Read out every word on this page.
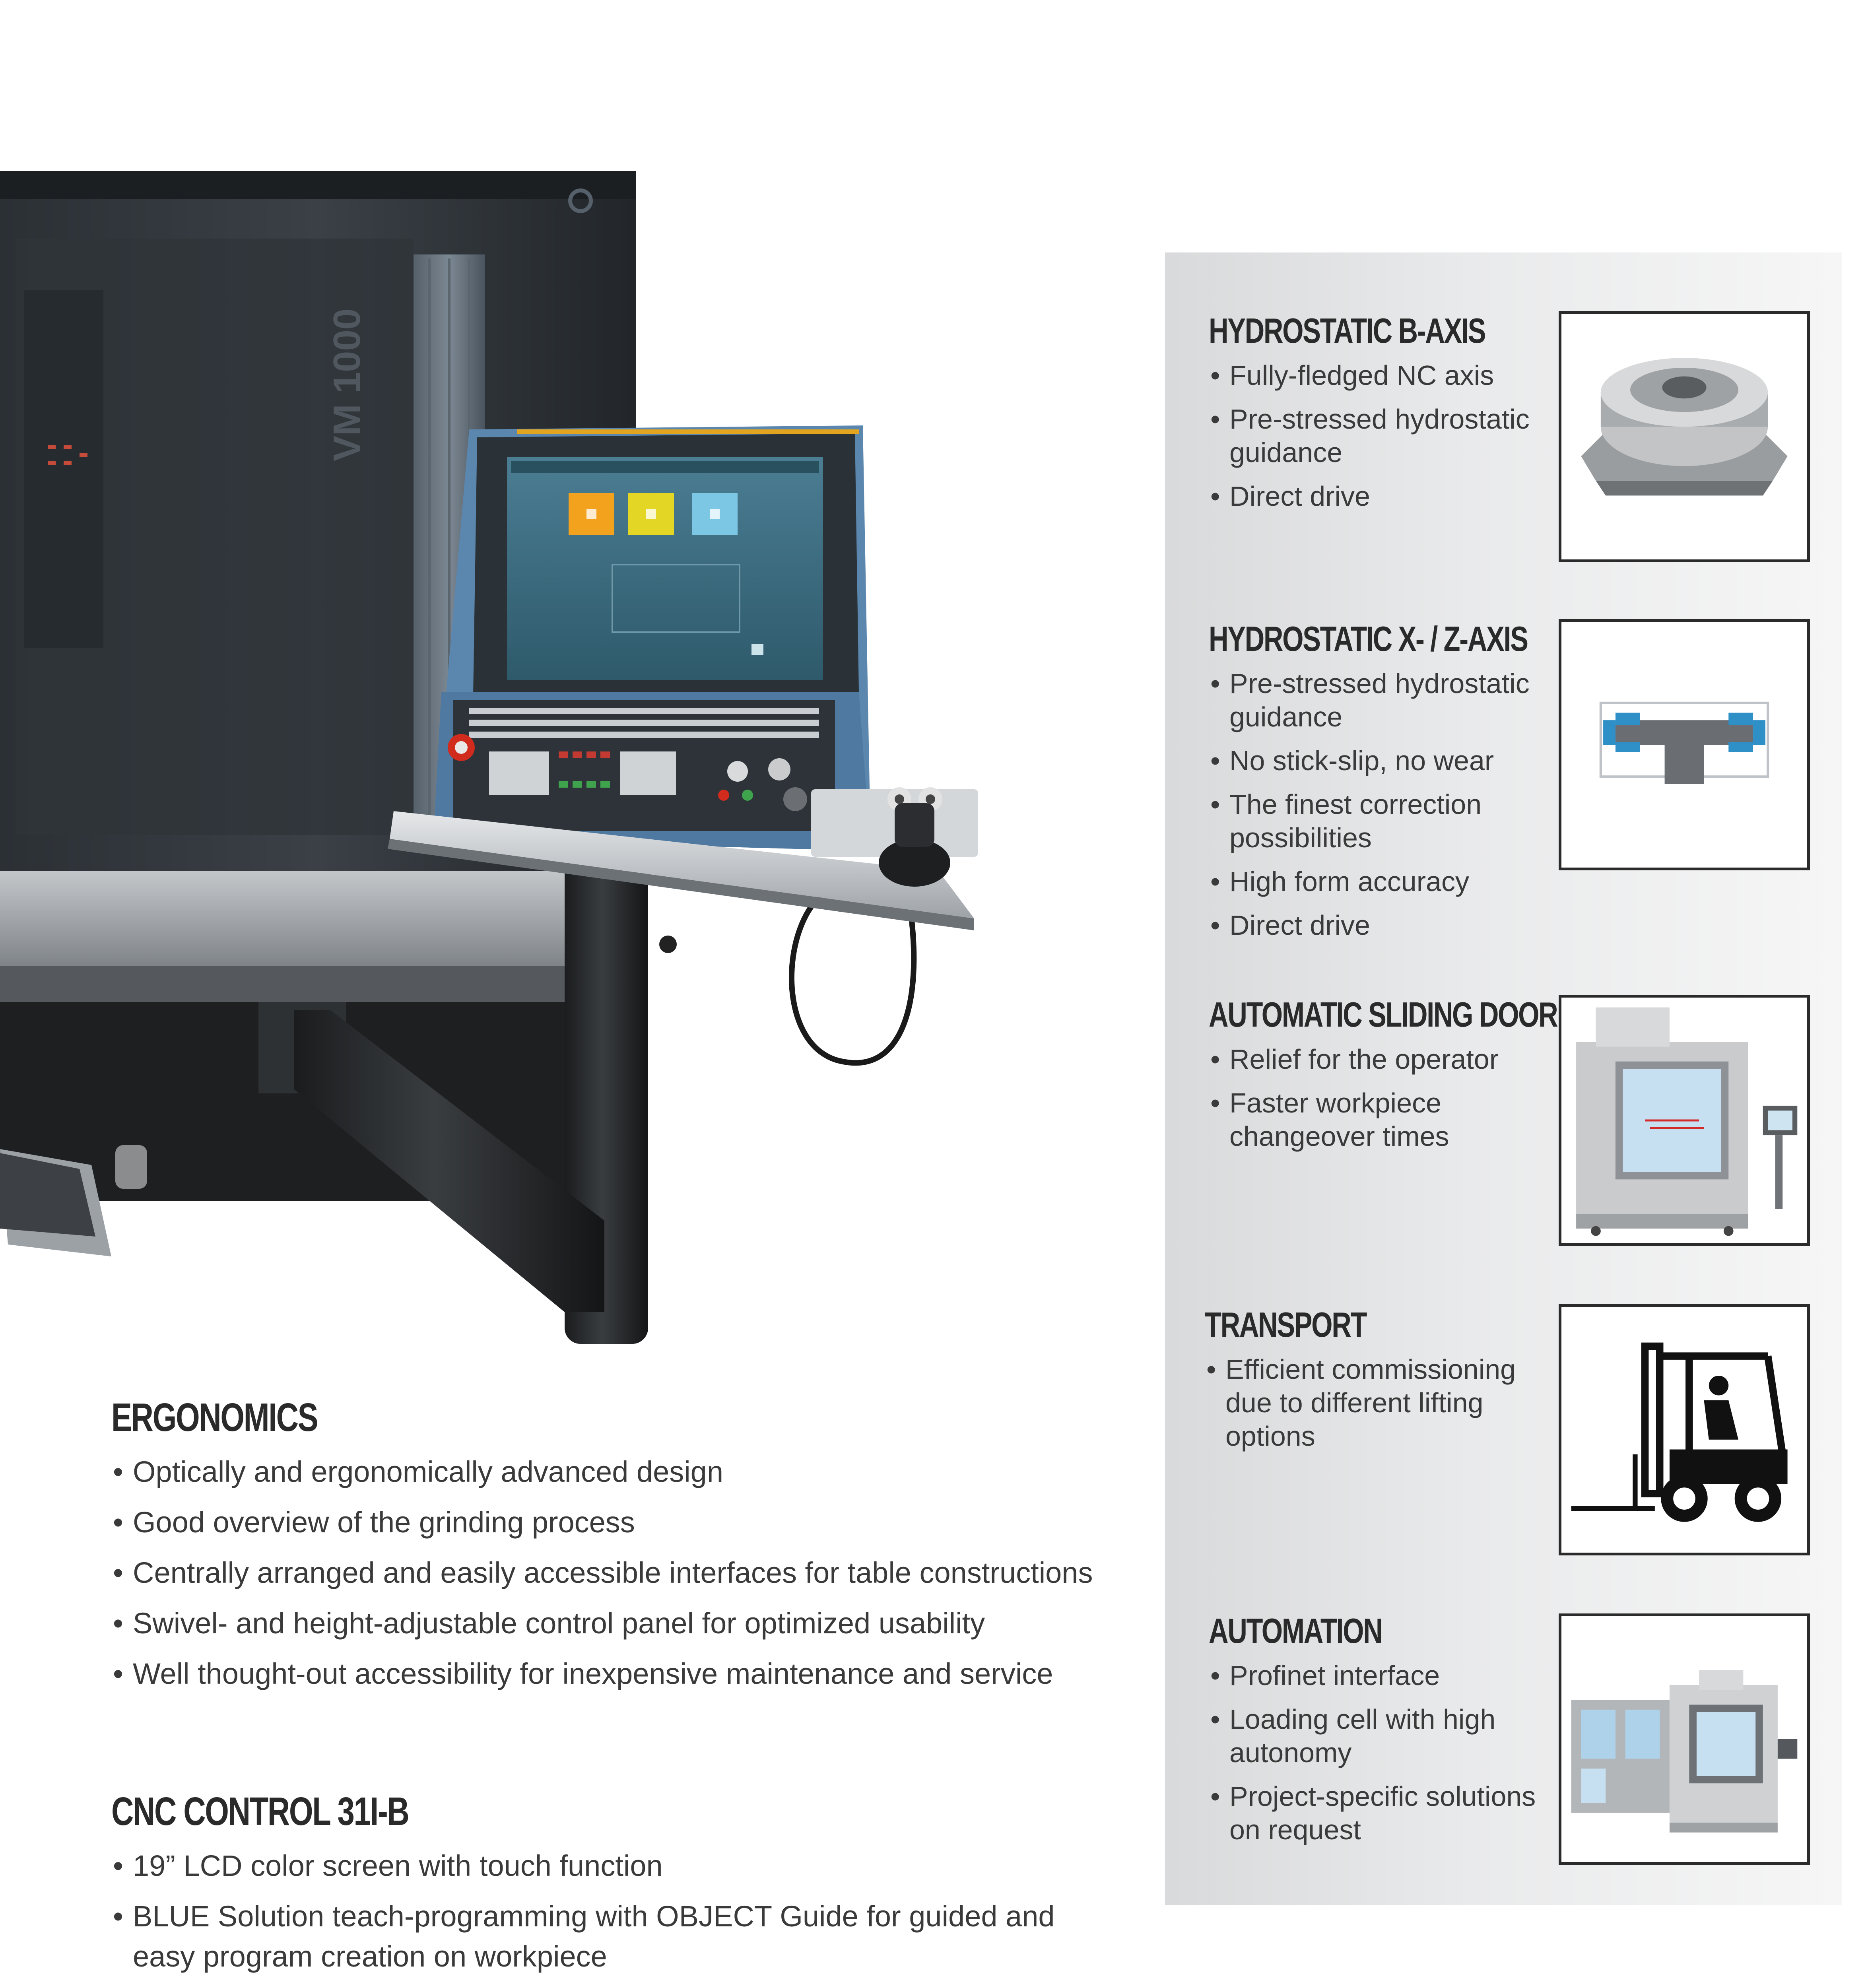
VM 1000
ERGONOMICS
• Optically and ergonomically advanced design
• Good overview of the grinding process
• Centrally arranged and easily accessible interfaces for table constructions
• Swivel- and height-adjustable control panel for optimized usability
• Well thought-out accessibility for inexpensive maintenance and service
CNC CONTROL 31I-B
• 19” LCD color screen with touch function
• BLUE Solution teach-programming with OBJECT Guide for guided and easy program creation on workpiece
•
HYDROSTATIC B-AXIS
• Fully-fledged NC axis
• Pre-stressed hydrostatic guidance
• Direct drive
HYDROSTATIC X- / Z-AXIS
• Pre-stressed hydrostatic guidance
• No stick-slip, no wear
• The finest correction possibilities
• High form accuracy
• Direct drive
AUTOMATIC SLIDING DOOR
• Relief for the operator
• Faster workpiece changeover times
TRANSPORT
• Efficient commissioning due to different lifting options
AUTOMATION
• Profinet interface
• Loading cell with high autonomy
• Project-specific solutions on request
